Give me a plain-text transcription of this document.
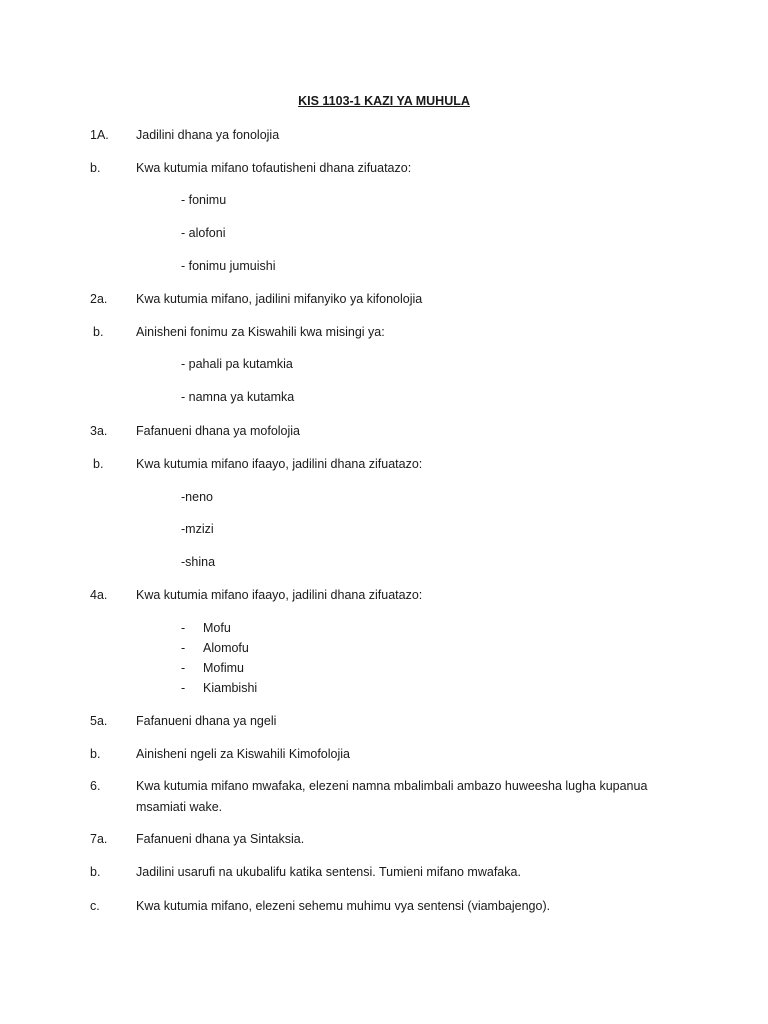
KIS 1103-1 KAZI YA MUHULA
1A. Jadilini dhana ya fonolojia
b.	Kwa kutumia mifano tofautisheni dhana zifuatazo:
- fonimu
- alofoni
- fonimu jumuishi
2a. Kwa kutumia mifano, jadilini mifanyiko ya kifonolojia
b.	Ainisheni fonimu za Kiswahili kwa misingi ya:
- pahali pa kutamkia
- namna ya kutamka
3a. Fafanueni dhana ya mofolojia
b.	Kwa kutumia mifano ifaayo, jadilini dhana zifuatazo:
-neno
-mzizi
-shina
4a. Kwa kutumia mifano ifaayo, jadilini dhana zifuatazo:
- Mofu
- Alomofu
- Mofimu
- Kiambishi
5a. Fafanueni dhana ya ngeli
b.	Ainisheni ngeli za Kiswahili Kimofolojia
6.	Kwa kutumia mifano mwafaka, elezeni namna mbalimbali ambazo huweesha lugha kupanua
msamiati wake.
7a. Fafanueni dhana ya Sintaksia.
b.	Jadilini usarufi na ukubalifu katika sentensi. Tumieni mifano mwafaka.
c.	Kwa kutumia mifano, elezeni sehemu muhimu vya sentensi (viambajengo).
